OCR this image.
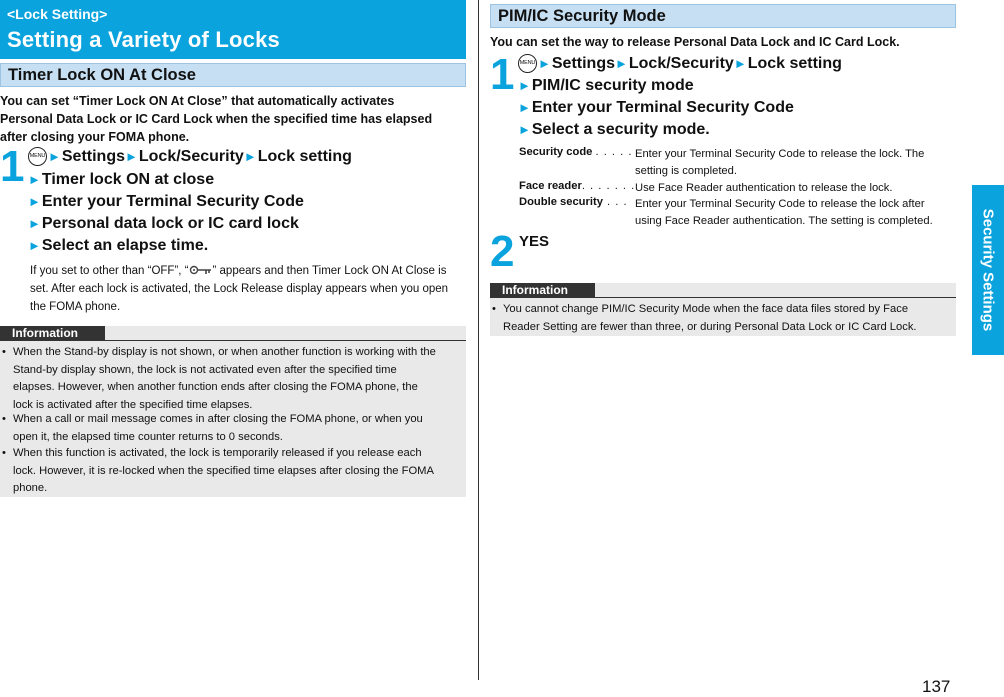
<Lock Setting>
Setting a Variety of Locks
Timer Lock ON At Close
You can set “Timer Lock ON At Close” that automatically activates
Personal Data Lock or IC Card Lock when the specified time has elapsed
after closing your FOMA phone.
1 MENU ►Settings►Lock/Security►Lock setting
►Timer lock ON at close
►Enter your Terminal Security Code
►Personal data lock or IC card lock
►Select an elapse time.
If you set to other than “OFF”, “ ” appears and then Timer Lock ON At Close is
set. After each lock is activated, the Lock Release display appears when you open
the FOMA phone.
Information
• When the Stand-by display is not shown, or when another function is working with the
Stand-by display shown, the lock is not activated even after the specified time
elapses. However, when another function ends after closing the FOMA phone, the
lock is activated after the specified time elapses.
• When a call or mail message comes in after closing the FOMA phone, or when you
open it, the elapsed time counter returns to 0 seconds.
• When this function is activated, the lock is temporarily released if you release each
lock. However, it is re-locked when the specified time elapses after closing the FOMA
phone.
PIM/IC Security Mode
You can set the way to release Personal Data Lock and IC Card Lock.
1 MENU ►Settings►Lock/Security►Lock setting
►PIM/IC security mode
►Enter your Terminal Security Code
►Select a security mode.
Security code . . . . . Enter your Terminal Security Code to release the lock. The
setting is completed.
Face reader. . . . . . . Use Face Reader authentication to release the lock.
Double security . . . Enter your Terminal Security Code to release the lock after
using Face Reader authentication. The setting is completed.
2 YES
Information
• You cannot change PIM/IC Security Mode when the face data files stored by Face
Reader Setting are fewer than three, or during Personal Data Lock or IC Card Lock.	Security Settings
137
